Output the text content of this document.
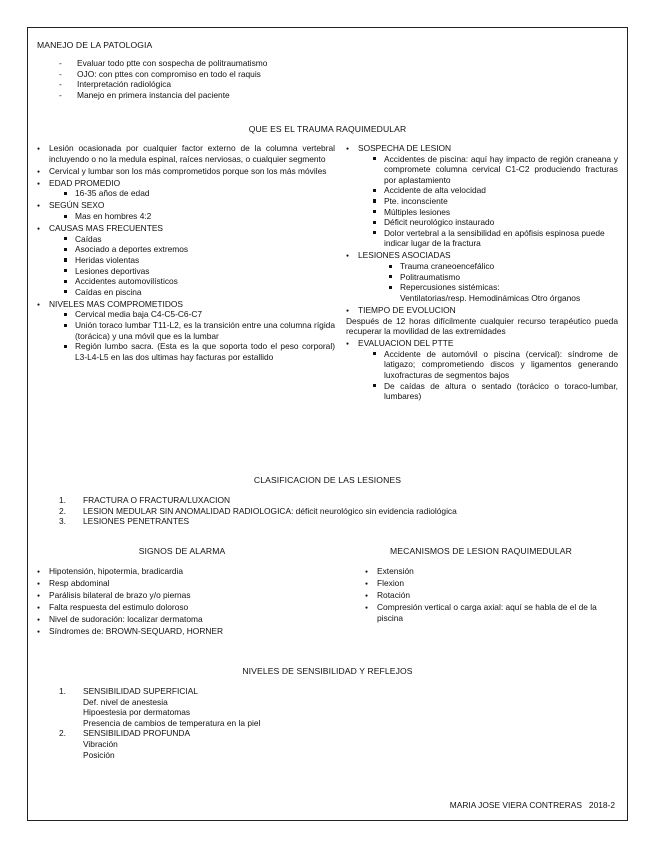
MANEJO DE LA PATOLOGIA
- Evaluar todo ptte con sospecha de politraumatismo
- OJO: con pttes con compromiso en todo el raquis
- Interpretación radiológica
- Manejo en primera instancia del paciente
QUE ES EL TRAUMA RAQUIMEDULAR
● Lesión ocasionada por cualquier factor externo de la columna vertebral incluyendo o no la medula espinal, raíces nerviosas, o cualquier segmento
● Cervical y lumbar son los más comprometidos porque son los más móviles
● EDAD PROMEDIO
16-35 años de edad
● SEGÚN SEXO
Mas en hombres 4:2
● CAUSAS MAS FRECUENTES
Caídas
Asociado a deportes extremos
Heridas violentas
Lesiones deportivas
Accidentes automovilísticos
Caídas en piscina
● NIVELES MAS COMPROMETIDOS
Cervical media baja C4-C5-C6-C7
Unión toraco lumbar T11-L2, es la transición entre una columna rígida (torácica) y una móvil que es la lumbar
Región lumbo sacra. (Esta es la que soporta todo el peso corporal) L3-L4-L5 en las dos ultimas hay facturas por estallido
● SOSPECHA DE LESION
Accidentes de piscina: aquí hay impacto de región craneana y compromete columna cervical C1-C2 produciendo fracturas por aplastamiento
Accidente de alta velocidad
Pte. inconsciente
Múltiples lesiones
Déficit neurológico instaurado
Dolor vertebral a la sensibilidad en apófisis espinosa puede indicar lugar de la fractura
● LESIONES ASOCIADAS
Trauma craneoencefálico
Politraumatismo
Repercusiones sistémicas:
Ventilatorias/resp. Hemodinámicas Otro órganos
● TIEMPO DE EVOLUCION
Después de 12 horas difícilmente cualquier recurso terapéutico pueda recuperar la movilidad de las extremidades
● EVALUACION DEL PTTE
Accidente de automóvil o piscina (cervical): síndrome de latigazo; comprometiendo discos y ligamentos generando luxofracturas de segmentos bajos
De caídas de altura o sentado (torácico o toraco-lumbar, lumbares)
CLASIFICACION DE LAS LESIONES
1. FRACTURA O FRACTURA/LUXACION
2. LESION MEDULAR SIN ANOMALIDAD RADIOLOGICA: déficit neurológico sin evidencia radiológica
3. LESIONES PENETRANTES
SIGNOS DE ALARMA
● Hipotensión, hipotermia, bradicardia
● Resp abdominal
● Parálisis bilateral de brazo y/o piernas
● Falta respuesta del estimulo doloroso
● Nivel de sudoración: localizar dermatoma
● Síndromes de: BROWN-SEQUARD, HORNER
MECANISMOS DE LESION RAQUIMEDULAR
● Extensión
● Flexion
● Rotación
● Compresión vertical o carga axial: aquí se habla de el de la piscina
NIVELES DE SENSIBILIDAD Y REFLEJOS
1. SENSIBILIDAD SUPERFICIAL
Def. nivel de anestesia
Hipoestesia por dermatomas
Presencia de cambios de temperatura en la piel
2. SENSIBILIDAD PROFUNDA
Vibración
Posición
MARIA JOSE VIERA CONTRERAS   2018-2
